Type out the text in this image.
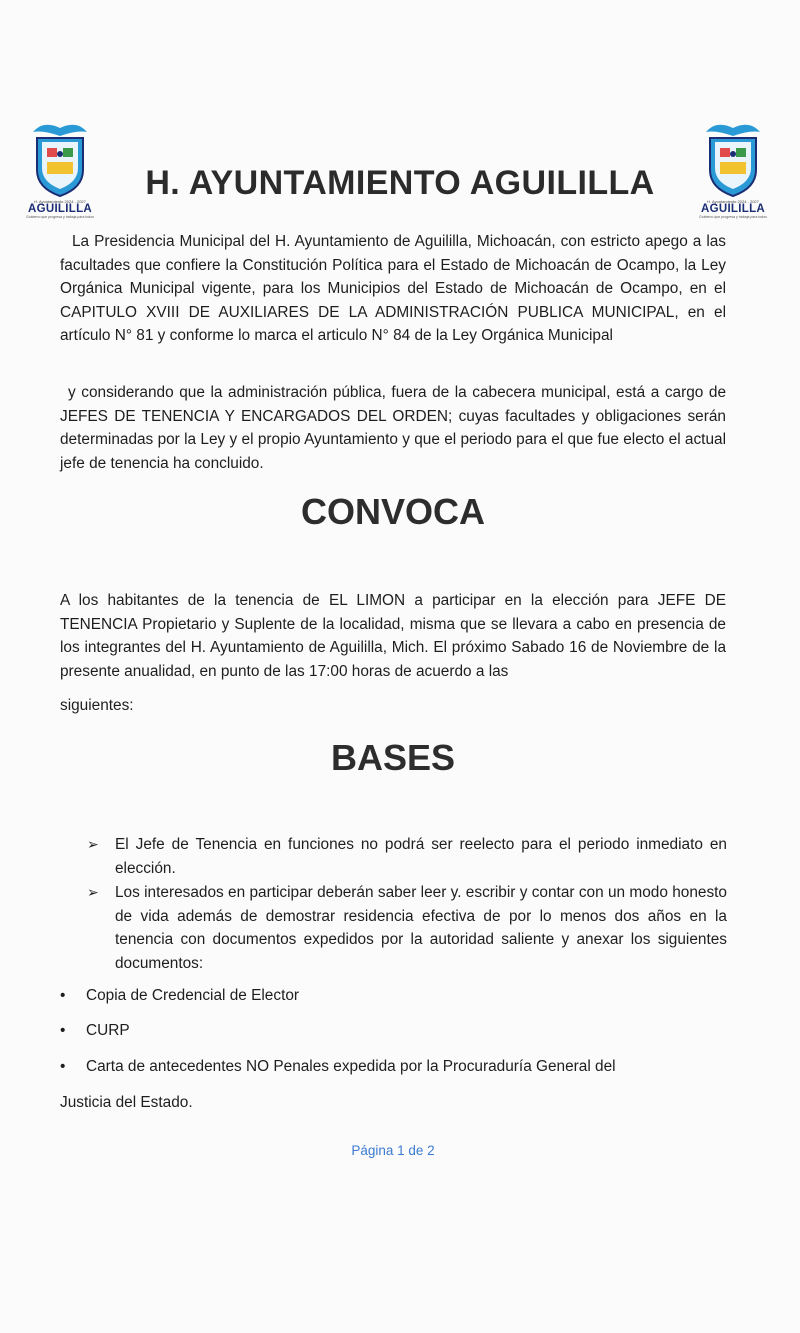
H. Ayuntamiento 2024 - 2027
AGUILILLA
Gobierno que progresa y trabaja para todos
H. Ayuntamiento 2024 - 2027
AGUILILLA
Gobierno que progresa y trabaja para todos
H. AYUNTAMIENTO AGUILILLA

La Presidencia Municipal del H. Ayuntamiento de Aguililla, Michoacán, con estricto apego a las facultades que confiere la Constitución Política para el Estado de Michoacán de Ocampo, la Ley Orgánica Municipal vigente, para los Municipios del Estado de Michoacán de Ocampo, en el CAPITULO XVIII DE AUXILIARES DE LA ADMINISTRACIÓN PUBLICA MUNICIPAL, en el artículo N° 81 y conforme lo marca el articulo N° 84 de la Ley Orgánica Municipal

y considerando que la administración pública, fuera de la cabecera municipal, está a cargo de JEFES DE TENENCIA Y ENCARGADOS DEL ORDEN; cuyas facultades y obligaciones serán determinadas por la Ley y el propio Ayuntamiento y que el periodo para el que fue electo el actual jefe de tenencia ha concluido.

CONVOCA

A los habitantes de la tenencia de EL LIMON a participar en la elección para JEFE DE TENENCIA Propietario y Suplente de la localidad, misma que se llevara a cabo en presencia de los integrantes del H. Ayuntamiento de Aguililla, Mich. El próximo Sabado 16 de Noviembre de la presente anualidad, en punto de las 17:00 horas de acuerdo a las

siguientes:

BASES
➢ El Jefe de Tenencia en funciones no podrá ser reelecto para el periodo inmediato en elección.
➢ Los interesados en participar deberán saber leer y. escribir y contar con un modo honesto de vida además de demostrar residencia efectiva de por lo menos dos años en la tenencia con documentos expedidos por la autoridad saliente y anexar los siguientes documentos:
• Copia de Credencial de Elector
• CURP
• Carta de antecedentes NO Penales expedida por la Procuraduría General del

Justicia del Estado.

Página 1 de 2
